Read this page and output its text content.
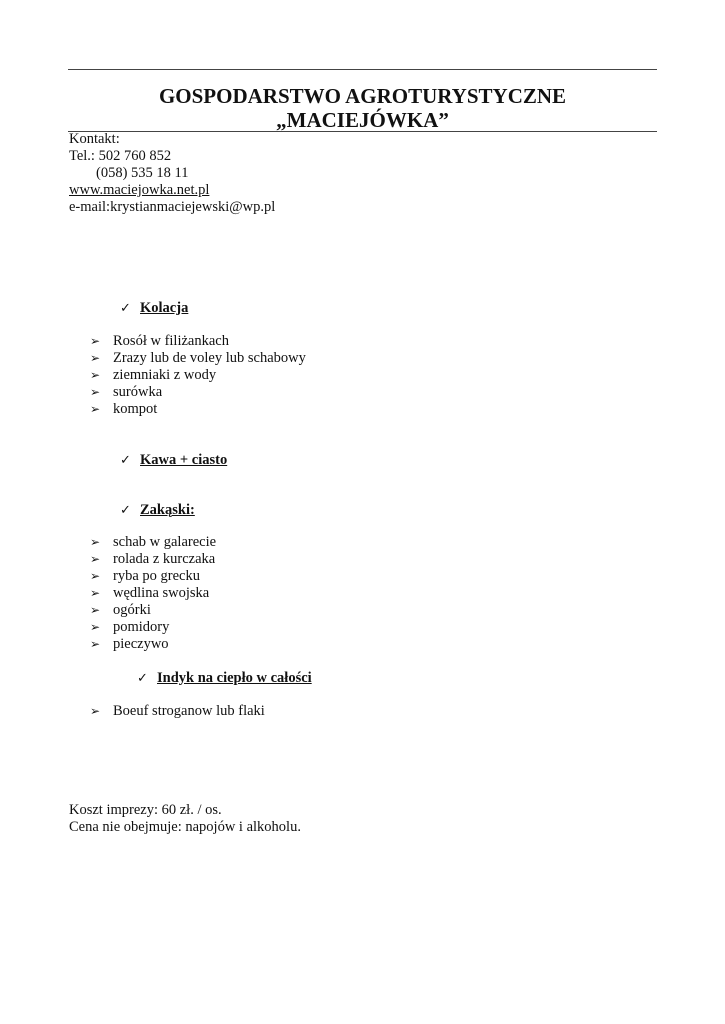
GOSPODARSTWO AGROTURYSTYCZNE
„MACIEJÓWKA”
Kontakt:
Tel.: 502 760 852
(058) 535 18 11
www.maciejowka.net.pl
e-mail:krystianmaciejewski@wp.pl
✓ Kolacja
➢ Rosół w filiżankach
➢ Zrazy lub de voley lub schabowy
➢ ziemniaki z wody
➢ surówka
➢ kompot
✓ Kawa + ciasto
✓ Zakąski:
➢ schab w galarecie
➢ rolada z kurczaka
➢ ryba po grecku
➢ wędlina swojska
➢ ogórki
➢ pomidory
➢ pieczywo
✓ Indyk na ciepło w całości
➢ Boeuf stroganow lub flaki
Koszt imprezy: 60 zł. / os.
Cena nie obejmuje: napojów i alkoholu.
